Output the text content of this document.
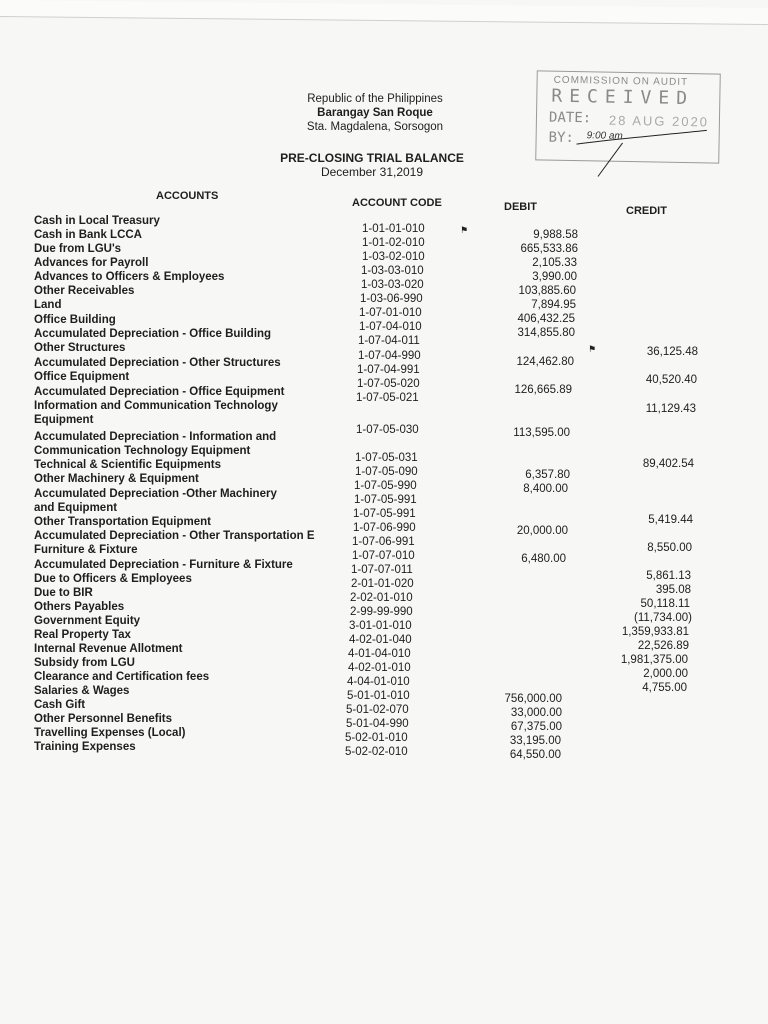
Republic of the Philippines
Barangay San Roque
Sta. Magdalena, Sorsogon
PRE-CLOSING TRIAL BALANCE
December 31,2019
COMMISSION ON AUDIT
RECEIVED
DATE: 28 AUG 2020
BY: 9:00 am
ACCOUNTS
ACCOUNT CODE	DEBIT	CREDIT
Cash in Local Treasury
Cash in Bank LCCA
Due from LGU's
Advances for Payroll
Advances to Officers & Employees
Other Receivables
Land
Office Building
Accumulated Depreciation - Office Building
Other Structures
Accumulated Depreciation - Other Structures
Office Equipment
Accumulated Depreciation - Office Equipment
Information and Communication Technology
Equipment
Accumulated Depreciation - Information and
Communication Technology Equipment
Technical & Scientific Equipments
Other Machinery & Equipment
Accumulated Depreciation -Other Machinery
and Equipment
Other Transportation Equipment
Accumulated Depreciation - Other Transportation E
Furniture & Fixture
Accumulated Depreciation - Furniture & Fixture
Due to Officers & Employees
Due to BIR
Others Payables
Government Equity
Real Property Tax
Internal Revenue Allotment
Subsidy from LGU
Clearance and Certification fees
Salaries & Wages
Cash Gift
Other Personnel Benefits
Travelling Expenses (Local)
Training Expenses
1-01-01-010
1-01-02-010
1-03-02-010
1-03-03-010
1-03-03-020
1-03-06-990
1-07-01-010
1-07-04-010
1-07-04-011
1-07-04-990
1-07-04-991
1-07-05-020
1-07-05-021
1-07-05-030
1-07-05-031
1-07-05-090
1-07-05-990
1-07-05-991
1-07-05-991
1-07-06-990
1-07-06-991
1-07-07-010
1-07-07-011
2-01-01-020
2-02-01-010
2-99-99-990
3-01-01-010
4-02-01-040
4-01-04-010
4-02-01-010
4-04-01-010
5-01-01-010
5-01-02-070
5-01-04-990
5-02-01-010
5-02-02-010
⚑
⚑
9,988.58
665,533.86
2,105.33
3,990.00
103,885.60
7,894.95
406,432.25
314,855.80
124,462.80
126,665.89
113,595.00
6,357.80
8,400.00
20,000.00
6,480.00
756,000.00
33,000.00
67,375.00
33,195.00
64,550.00
36,125.48
40,520.40
11,129.43
89,402.54
5,419.44
8,550.00
5,861.13
395.08
50,118.11
(11,734.00)
1,359,933.81
22,526.89
1,981,375.00
2,000.00
4,755.00
